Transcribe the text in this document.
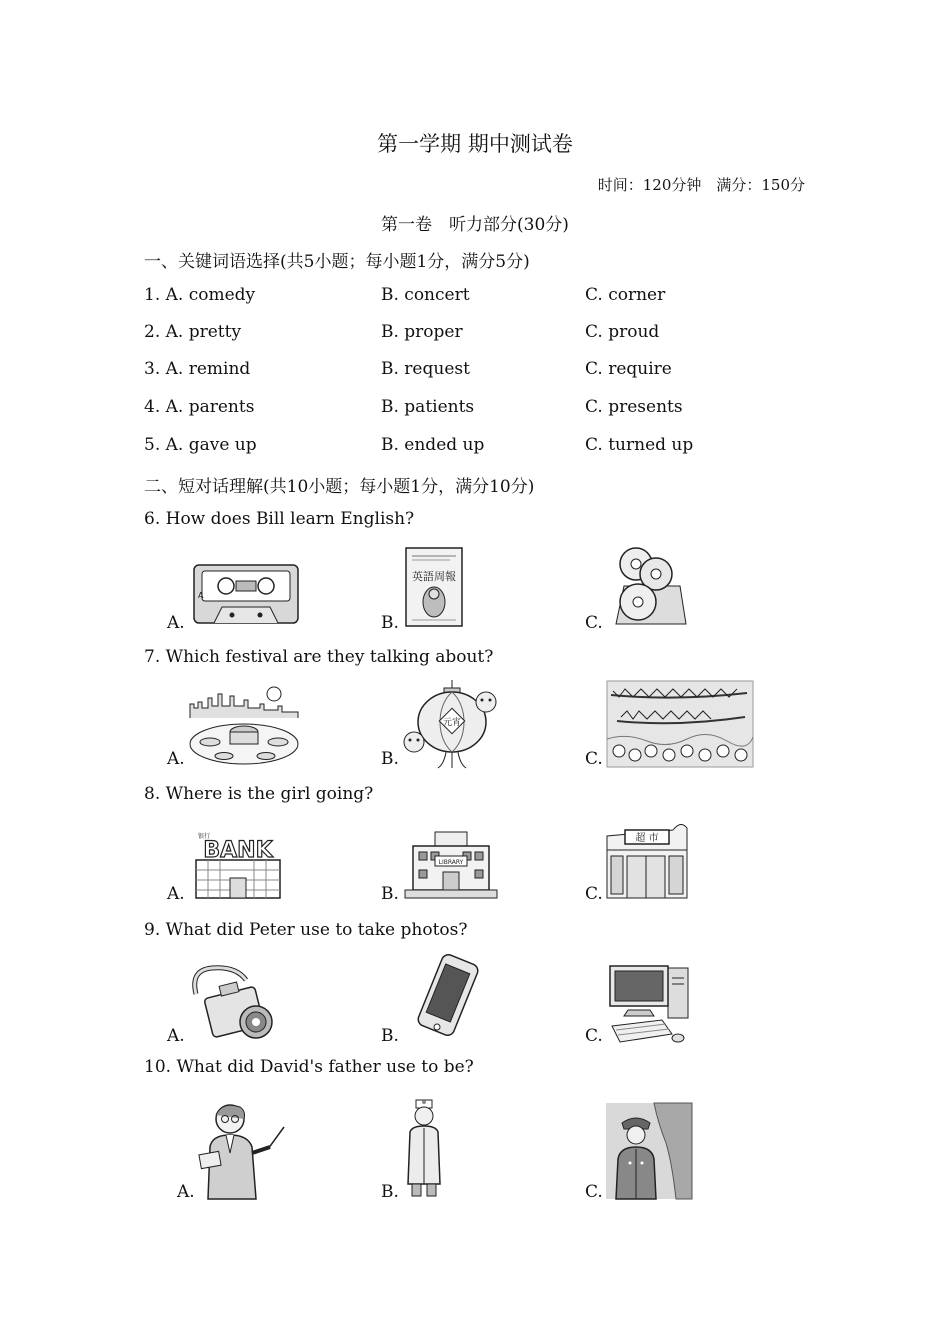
第一学期 期中测试卷
时间：120分钟　满分：150分
第一卷　听力部分(30分)
一、关键词语选择(共5小题；每小题1分，满分5分)
1. A. comedy	B. concert	C. corner
2. A. pretty	B. proper	C. proud
3. A. remind	B. request	C. require
4. A. parents	B. patients	C. presents
5. A. gave up	B. ended up	C. turned up
二、短对话理解(共10小题；每小题1分，满分10分)
6. How does Bill learn English?
A.	B.	C.
A
英語周報
7. Which festival are they talking about?
A.	B.	C.
元宵
8. Where is the girl going?
A.	B.	C.
银行
BANK	LIBRARY
超 市
9. What did Peter use to take photos?
A.	B.	C.
10. What did David's father use to be?
A.	B.	C.
